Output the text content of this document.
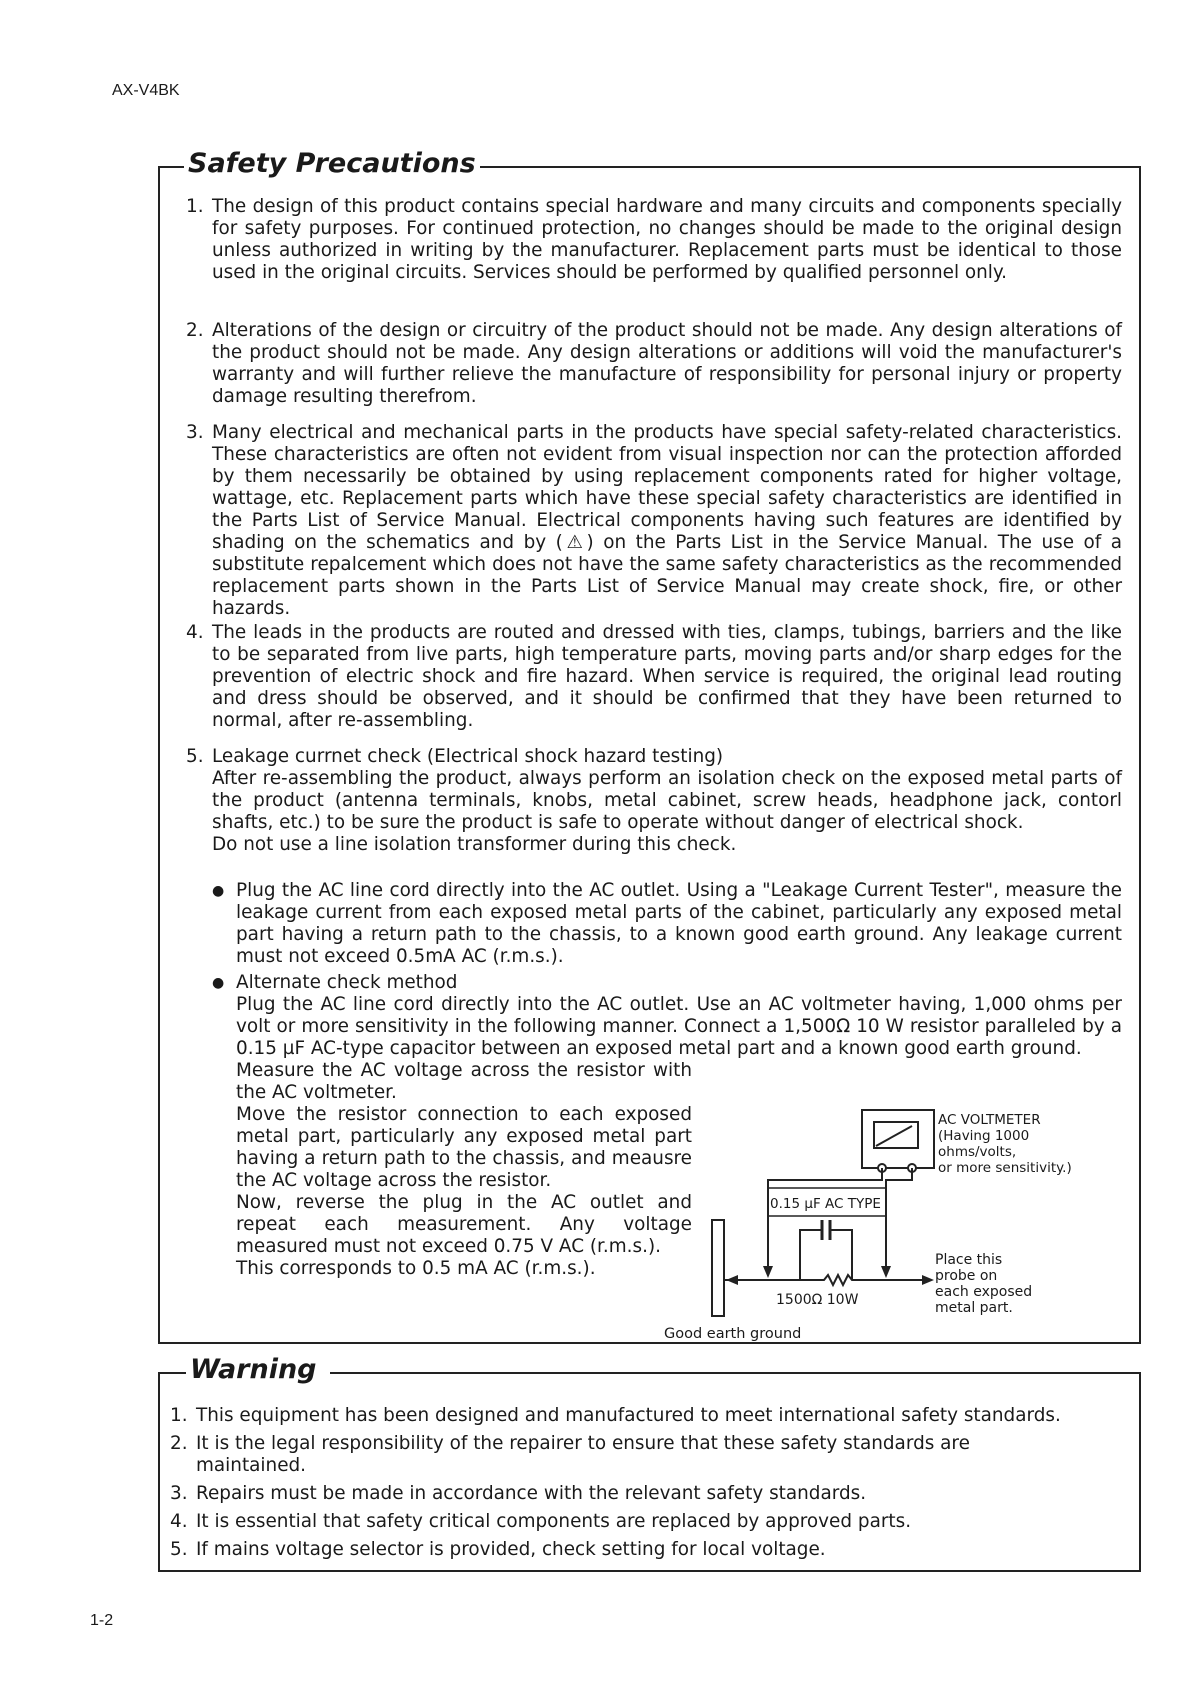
AX-V4BK
Safety Precautions
1. The design of this product contains special hardware and many circuits and components specially for safety purposes. For continued protection, no changes should be made to the original design unless authorized in writing by the manufacturer. Replacement parts must be identical to those used in the original circuits. Services should be performed by qualified personnel only.

2. Alterations of the design or circuitry of the product should not be made. Any design alterations of the product should not be made. Any design alterations or additions will void the manufacturer's warranty and will further relieve the manufacture of responsibility for personal injury or property damage resulting therefrom.

3. Many electrical and mechanical parts in the products have special safety-related characteristics. These characteristics are often not evident from visual inspection nor can the protection afforded by them necessarily be obtained by using replacement components rated for higher voltage, wattage, etc. Replacement parts which have these special safety characteristics are identified in the Parts List of Service Manual. Electrical components having such features are identified by shading on the schematics and by (⚠) on the Parts List in the Service Manual. The use of a substitute repalcement which does not have the same safety characteristics as the recommended replacement parts shown in the Parts List of Service Manual may create shock, fire, or other hazards.

4. The leads in the products are routed and dressed with ties, clamps, tubings, barriers and the like to be separated from live parts, high temperature parts, moving parts and/or sharp edges for the prevention of electric shock and fire hazard. When service is required, the original lead routing and dress should be observed, and it should be confirmed that they have been returned to normal, after re-assembling.

5. Leakage currnet check (Electrical shock hazard testing)

After re-assembling the product, always perform an isolation check on the exposed metal parts of the product (antenna terminals, knobs, metal cabinet, screw heads, headphone jack, contorl shafts, etc.) to be sure the product is safe to operate without danger of electrical shock.

Do not use a line isolation transformer during this check.

● Plug the AC line cord directly into the AC outlet. Using a "Leakage Current Tester", measure the leakage current from each exposed metal parts of the cabinet, particularly any exposed metal part having a return path to the chassis, to a known good earth ground. Any leakage current must not exceed 0.5mA AC (r.m.s.).

● Alternate check method

Plug the AC line cord directly into the AC outlet. Use an AC voltmeter having, 1,000 ohms per volt or more sensitivity in the following manner. Connect a 1,500Ω 10 W resistor paralleled by a 0.15 µF AC-type capacitor between an exposed metal part and a known good earth ground.

Measure the AC voltage across the resistor with the AC voltmeter.

Move the resistor connection to each exposed metal part, particularly any exposed metal part having a return path to the chassis, and meausre the AC voltage across the resistor.

Now, reverse the plug in the AC outlet and repeat each measurement. Any voltage measured must not exceed 0.75 V AC (r.m.s.).

This corresponds to 0.5 mA AC (r.m.s.).

AC VOLTMETER
(Having 1000
ohms/volts,
or more sensitivity.)
0.15 µF AC TYPE
Good earth ground
1500Ω 10W
Place this
probe on
each exposed
metal part.
Warning
1. This equipment has been designed and manufactured to meet international safety standards.
2. It is the legal responsibility of the repairer to ensure that these safety standards are maintained.
3. Repairs must be made in accordance with the relevant safety standards.
4. It is essential that safety critical components are replaced by approved parts.
5. If mains voltage selector is provided, check setting for local voltage.
1-2
